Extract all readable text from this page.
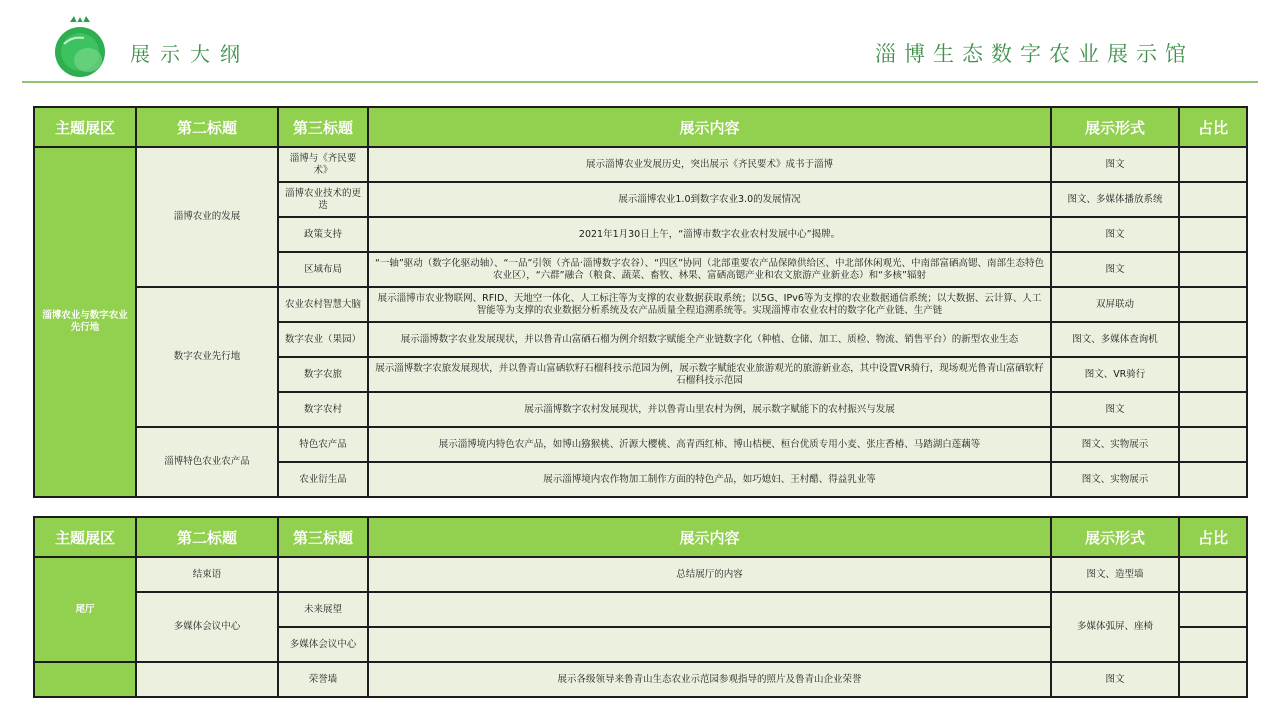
展示大纲	淄博生态数字农业展示馆
主题展区	第二标题	第三标题	展示内容	展示形式	占比
淄博农业与数字农业先行地	淄博农业的发展	淄博与《齐民要术》	展示淄博农业发展历史，突出展示《齐民要术》成书于淄博	图文	
		淄博农业技术的更迭	展示淄博农业1.0到数字农业3.0的发展情况	图文、多媒体播放系统	
		政策支持	2021年1月30日上午，“淄博市数字农业农村发展中心”揭牌。	图文	
		区域布局	“一轴”驱动（数字化驱动轴）、“一品”引领（齐品·淄博数字农谷）、“四区”协同（北部重要农产品保障供给区、中北部休闲观光、中南部富硒高锶、南部生态特色农业区），“六群”融合（粮食、蔬菜、畜牧、林果、富硒高锶产业和农文旅游产业新业态）和“多核”辐射	图文	
	数字农业先行地	农业农村智慧大脑	展示淄博市农业物联网、RFID、天地空一体化、人工标注等为支撑的农业数据获取系统；以5G、IPv6等为支撑的农业数据通信系统；以大数据、云计算、人工智能等为支撑的农业数据分析系统及农产品质量全程追溯系统等。实现淄博市农业农村的数字化产业链、生产链	双屏联动	
		数字农业（果园）	展示淄博数字农业发展现状，并以鲁青山富硒石榴为例介绍数字赋能全产业链数字化（种植、仓储、加工、质检、物流、销售平台）的新型农业生态	图文、多媒体查询机	
		数字农旅	展示淄博数字农旅发展现状，并以鲁青山富硒软籽石榴科技示范园为例，展示数字赋能农业旅游观光的旅游新业态，其中设置VR骑行，现场观光鲁青山富硒软籽石榴科技示范园	图文、VR骑行	
		数字农村	展示淄博数字农村发展现状，并以鲁青山里农村为例，展示数字赋能下的农村振兴与发展	图文	
	淄博特色农业农产品	特色农产品	展示淄博境内特色农产品，如博山猕猴桃、沂源大樱桃、高青西红柿、博山桔梗、桓台优质专用小麦、张庄香椿、马踏湖白莲藕等	图文、实物展示	
		农业衍生品	展示淄博境内农作物加工制作方面的特色产品，如巧媳妇、王村醋、得益乳业等	图文、实物展示	
主题展区	第二标题	第三标题	展示内容	展示形式	占比
尾厅	结束语		总结展厅的内容	图文、造型墙	
	多媒体会议中心	未来展望		多媒体弧屏、座椅	
		多媒体会议中心			
		荣誉墙	展示各级领导来鲁青山生态农业示范园参观指导的照片及鲁青山企业荣誉	图文	
